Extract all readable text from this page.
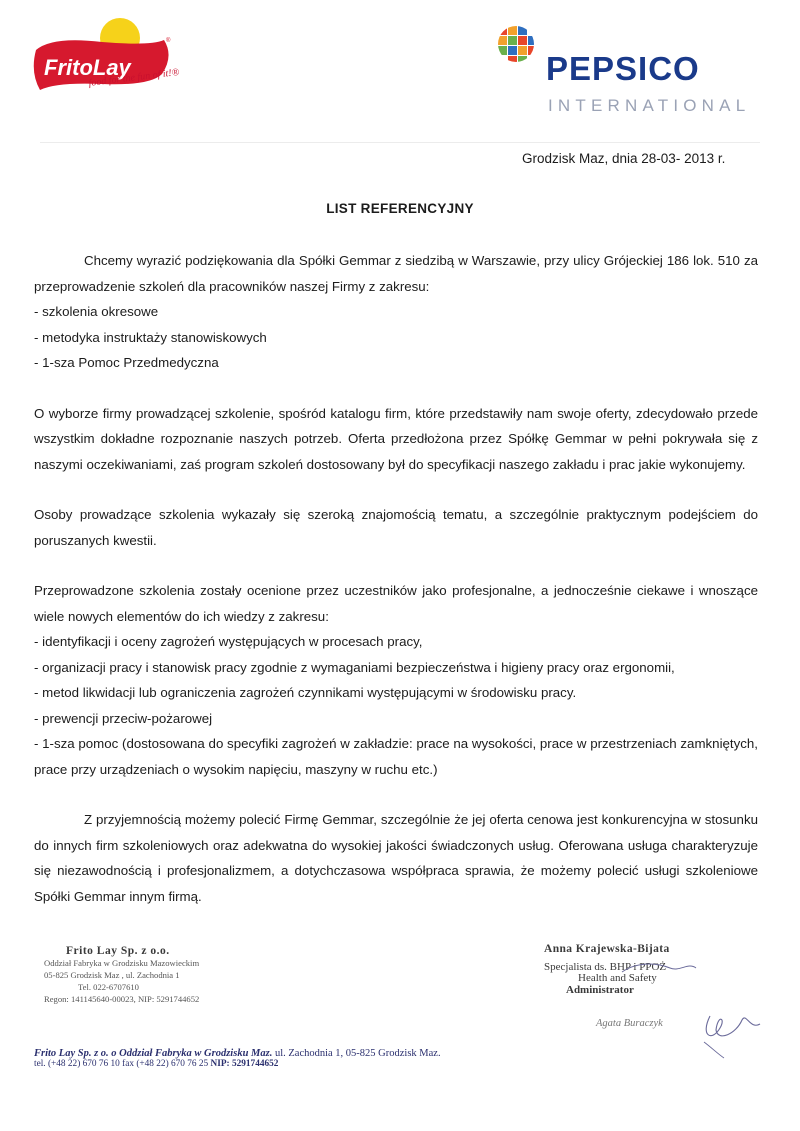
FritoLay
®
food for the fun of it!®	PEPSICO
INTERNATIONAL
Grodzisk Maz, dnia 28-03- 2013 r.
LIST REFERENCYJNY

Chcemy wyrazić podziękowania dla Spółki Gemmar z siedzibą w Warszawie, przy ulicy Grójeckiej 186 lok. 510 za przeprowadzenie szkoleń dla pracowników naszej Firmy z zakresu:

- szkolenia okresowe

- metodyka instruktaży stanowiskowych

- 1-sza Pomoc Przedmedyczna

O wyborze firmy prowadzącej szkolenie, spośród katalogu firm, które przedstawiły nam swoje oferty, zdecydowało przede wszystkim dokładne rozpoznanie naszych potrzeb. Oferta przedłożona przez Spółkę Gemmar w pełni pokrywała się z naszymi oczekiwaniami, zaś program szkoleń dostosowany był do specyfikacji naszego zakładu i prac jakie wykonujemy.

Osoby prowadzące szkolenia wykazały się szeroką znajomością tematu, a szczególnie praktycznym podejściem do poruszanych kwestii.

Przeprowadzone szkolenia zostały ocenione przez uczestników jako profesjonalne, a jednocześnie ciekawe i wnoszące wiele nowych elementów do ich wiedzy z zakresu:

- identyfikacji i oceny zagrożeń występujących w procesach pracy,

- organizacji pracy i stanowisk pracy zgodnie z wymaganiami bezpieczeństwa i higieny pracy oraz ergonomii,

- metod likwidacji lub ograniczenia zagrożeń czynnikami występującymi w środowisku pracy.

- prewencji przeciw-pożarowej

- 1-sza pomoc (dostosowana do specyfiki zagrożeń w zakładzie: prace na wysokości, prace w przestrzeniach zamkniętych, prace przy urządzeniach o wysokim napięciu, maszyny w ruchu etc.)

Z przyjemnością możemy polecić Firmę Gemmar, szczególnie że jej oferta cenowa jest konkurencyjna w stosunku do innych firm szkoleniowych oraz adekwatna do wysokiej jakości świadczonych usług. Oferowana usługa charakteryzuje się niezawodnością i profesjonalizmem, a dotychczasowa współpraca sprawia, że możemy polecić usługi szkoleniowe Spółki Gemmar innym firmą.

Frito Lay Sp. z o.o.
Oddział Fabryka w Grodzisku Mazowieckim
05-825 Grodzisk Maz , ul. Zachodnia 1
Tel. 022-6707610
Regon: 141145640-00023, NIP: 5291744652
Anna Krajewska-Bijata
Specjalista ds. BHP i PPOŻ
Health and Safety
Administrator
Agata Buraczyk
Frito Lay Sp. z o. o Oddział Fabryka w Grodzisku Maz. ul. Zachodnia 1, 05-825 Grodzisk Maz.
tel. (+48 22) 670 76 10 fax (+48 22) 670 76 25 NIP: 5291744652
